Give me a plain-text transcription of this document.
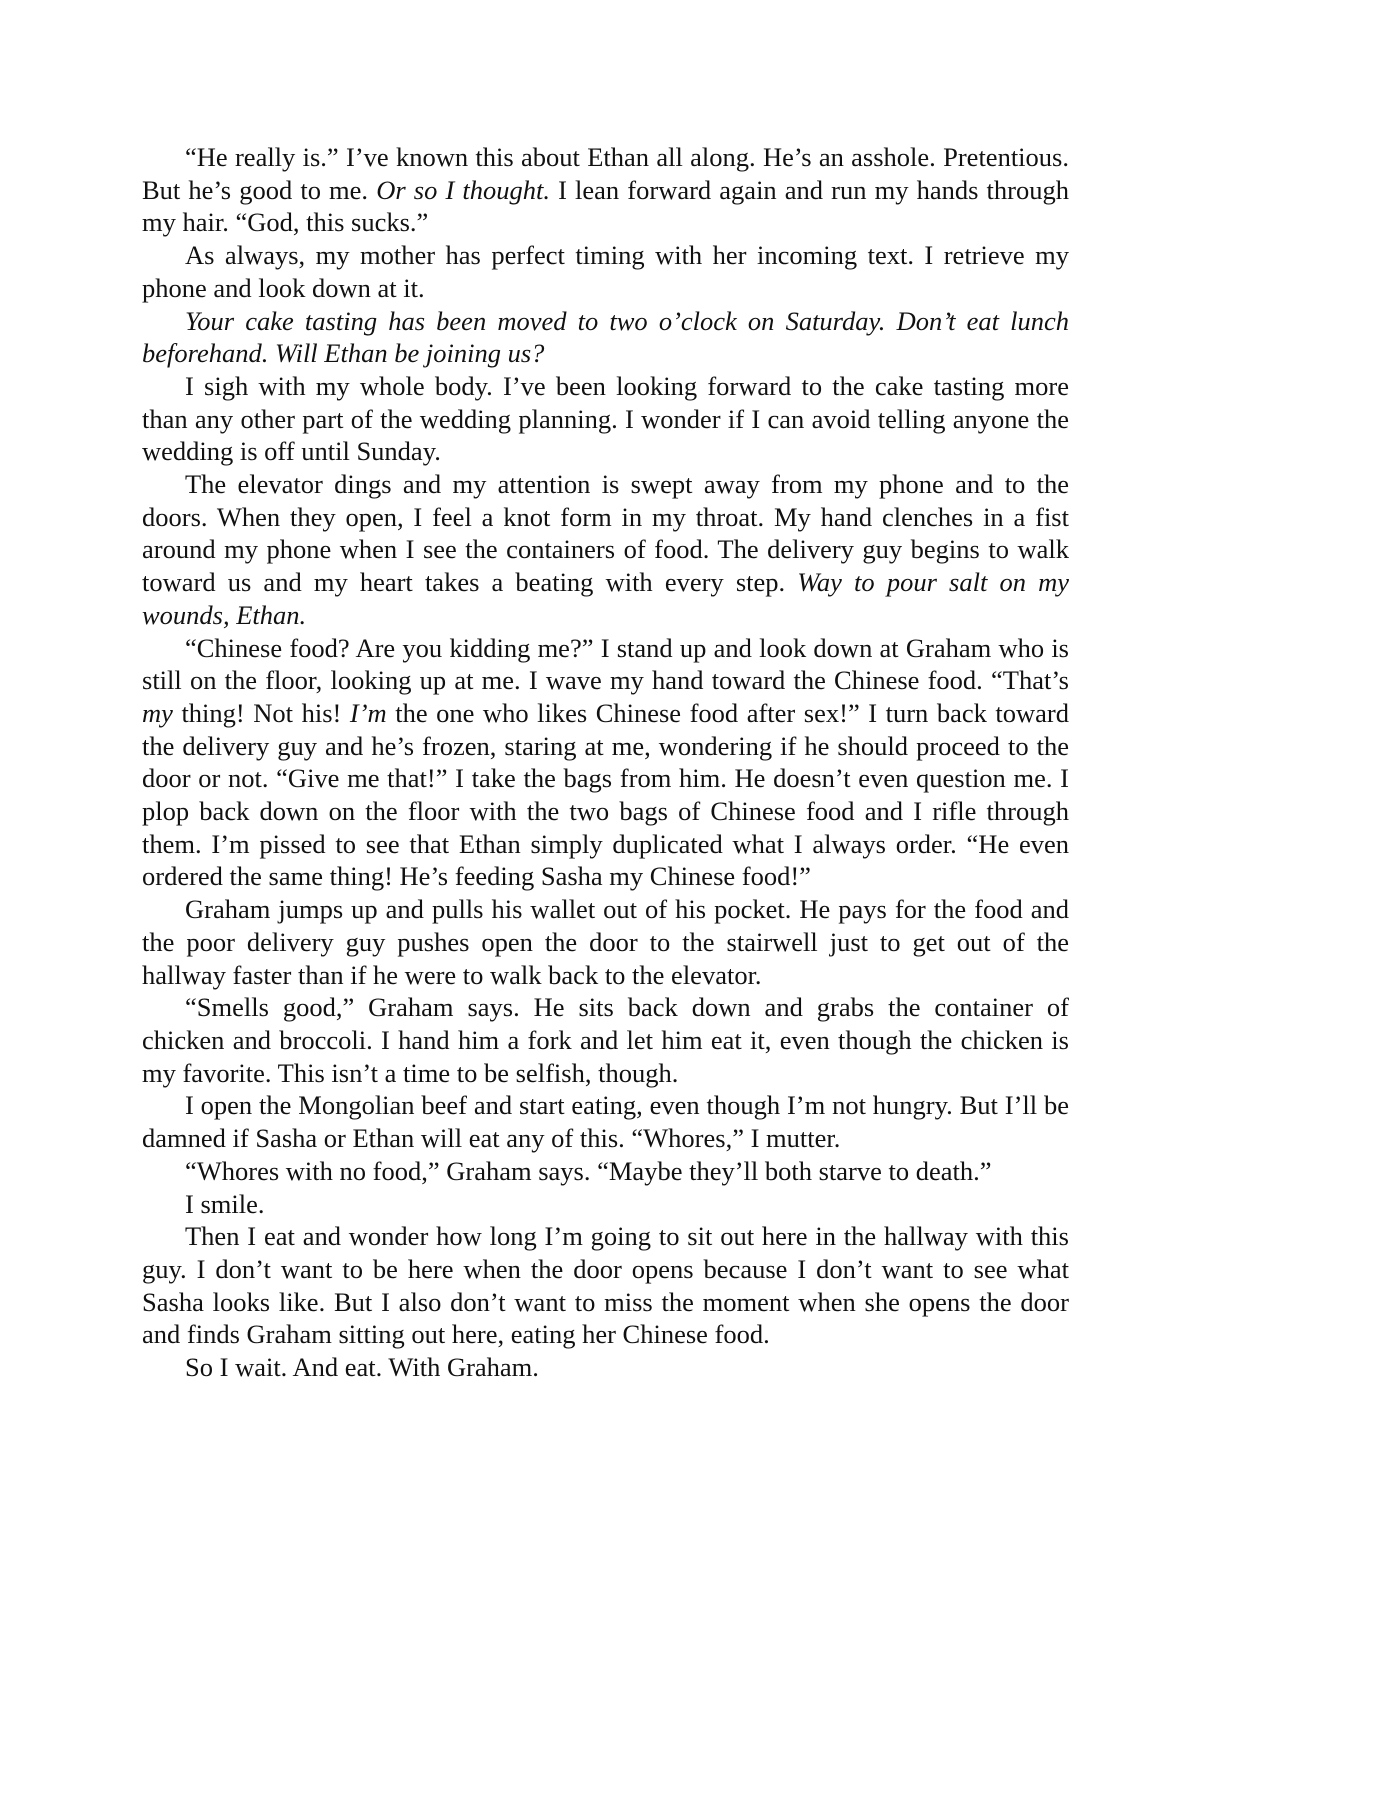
“He really is.” I’ve known this about Ethan all along. He’s an asshole. Pretentious. But he’s good to me. Or so I thought. I lean forward again and run my hands through my hair. “God, this sucks.”

As always, my mother has perfect timing with her incoming text. I retrieve my phone and look down at it.

Your cake tasting has been moved to two o’clock on Saturday. Don’t eat lunch beforehand. Will Ethan be joining us?

I sigh with my whole body. I’ve been looking forward to the cake tasting more than any other part of the wedding planning. I wonder if I can avoid telling anyone the wedding is off until Sunday.

The elevator dings and my attention is swept away from my phone and to the doors. When they open, I feel a knot form in my throat. My hand clenches in a fist around my phone when I see the containers of food. The delivery guy begins to walk toward us and my heart takes a beating with every step. Way to pour salt on my wounds, Ethan.

“Chinese food? Are you kidding me?” I stand up and look down at Graham who is still on the floor, looking up at me. I wave my hand toward the Chinese food. “That’s my thing! Not his! I’m the one who likes Chinese food after sex!” I turn back toward the delivery guy and he’s frozen, staring at me, wondering if he should proceed to the door or not. “Give me that!” I take the bags from him. He doesn’t even question me. I plop back down on the floor with the two bags of Chinese food and I rifle through them. I’m pissed to see that Ethan simply duplicated what I always order. “He even ordered the same thing! He’s feeding Sasha my Chinese food!”

Graham jumps up and pulls his wallet out of his pocket. He pays for the food and the poor delivery guy pushes open the door to the stairwell just to get out of the hallway faster than if he were to walk back to the elevator.

“Smells good,” Graham says. He sits back down and grabs the container of chicken and broccoli. I hand him a fork and let him eat it, even though the chicken is my favorite. This isn’t a time to be selfish, though.

I open the Mongolian beef and start eating, even though I’m not hungry. But I’ll be damned if Sasha or Ethan will eat any of this. “Whores,” I mutter.

“Whores with no food,” Graham says. “Maybe they’ll both starve to death.”

I smile.

Then I eat and wonder how long I’m going to sit out here in the hallway with this guy. I don’t want to be here when the door opens because I don’t want to see what Sasha looks like. But I also don’t want to miss the moment when she opens the door and finds Graham sitting out here, eating her Chinese food.

So I wait. And eat. With Graham.
